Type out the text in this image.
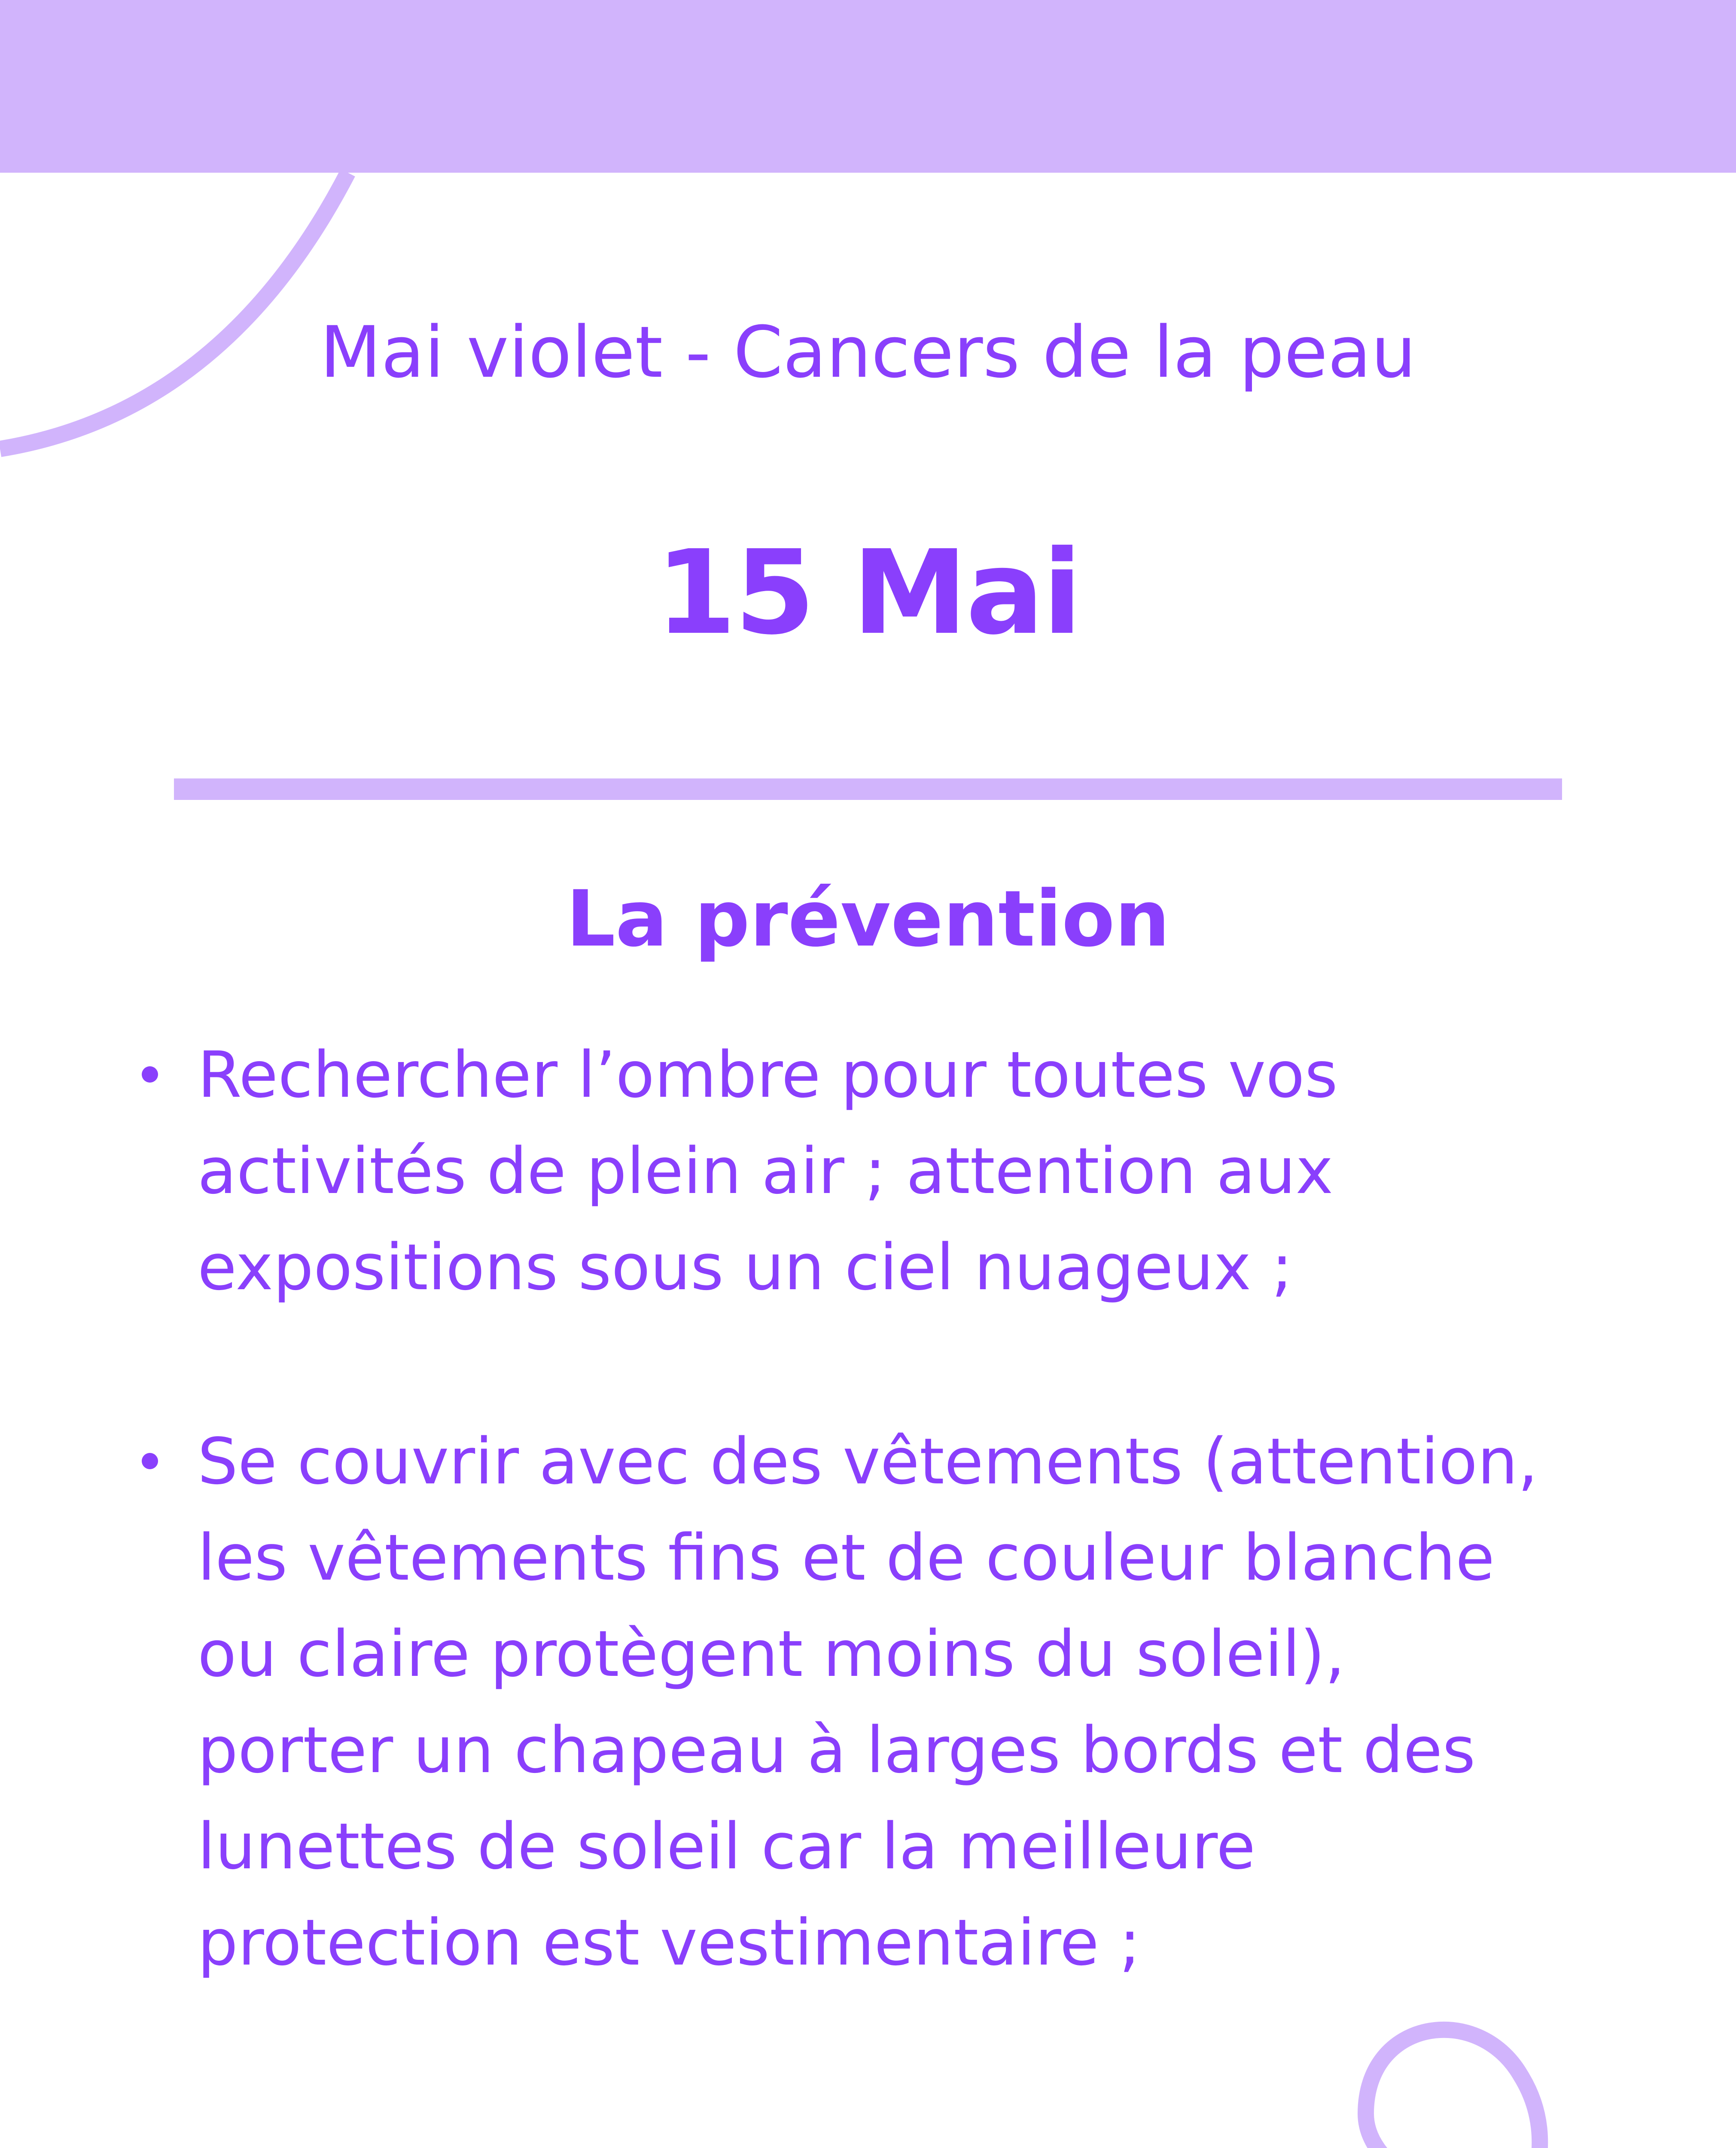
Mai violet - Cancers de la peau
15 Mai
La prévention
Rechercher l’ombre pour toutes vos
activités de plein air ; attention aux
expositions sous un ciel nuageux ;
Se couvrir avec des vêtements (attention,
les vêtements fins et de couleur blanche
ou claire protègent moins du soleil),
porter un chapeau à larges bords et des
lunettes de soleil car la meilleure
protection est vestimentaire ;
